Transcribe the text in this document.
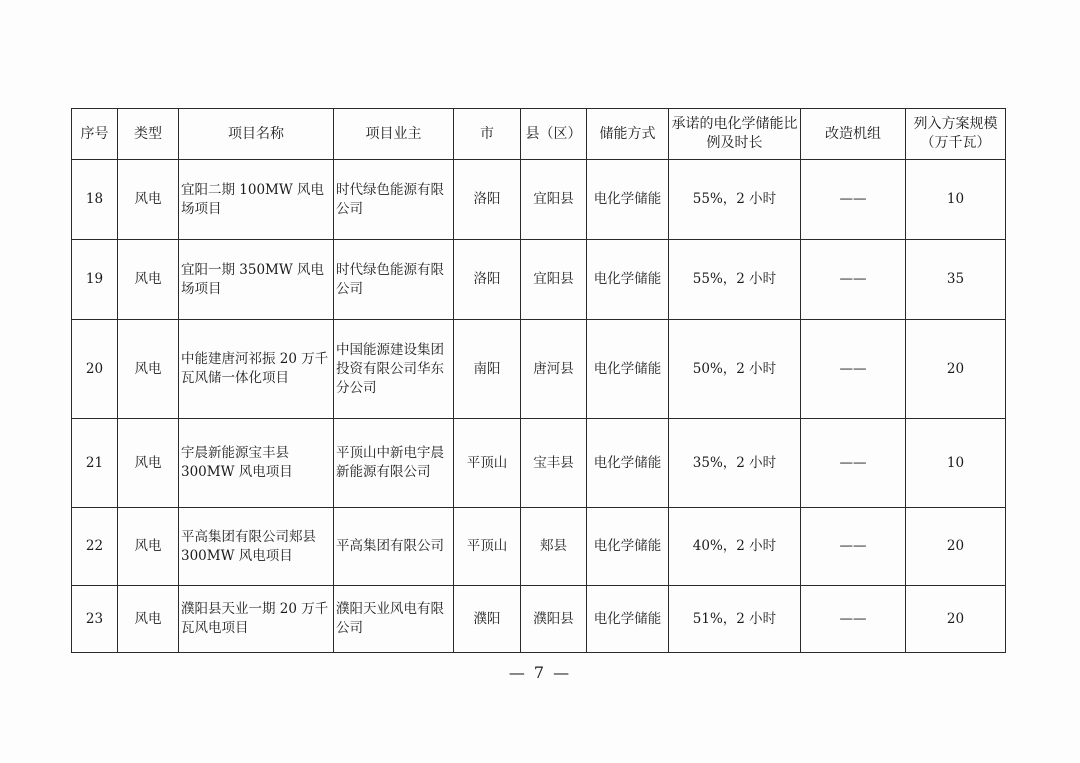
序号	类型	项目名称	项目业主	市	县（区）	储能方式	承诺的电化学储能比例及时长	改造机组	列入方案规模（万千瓦）
18	风电	宜阳二期 100MW 风电场项目	时代绿色能源有限公司	洛阳	宜阳县	电化学储能	55%，2 小时	——	10
19	风电	宜阳一期 350MW 风电场项目	时代绿色能源有限公司	洛阳	宜阳县	电化学储能	55%，2 小时	——	35
20	风电	中能建唐河祁振 20 万千瓦风储一体化项目	中国能源建设集团投资有限公司华东分公司	南阳	唐河县	电化学储能	50%，2 小时	——	20
21	风电	宇晨新能源宝丰县 300MW 风电项目	平顶山中新电宇晨新能源有限公司	平顶山	宝丰县	电化学储能	35%，2 小时	——	10
22	风电	平高集团有限公司郏县 300MW 风电项目	平高集团有限公司	平顶山	郏县	电化学储能	40%，2 小时	——	20
23	风电	濮阳县天业一期 20 万千瓦风电项目	濮阳天业风电有限公司	濮阳	濮阳县	电化学储能	51%，2 小时	——	20
— 7 —
